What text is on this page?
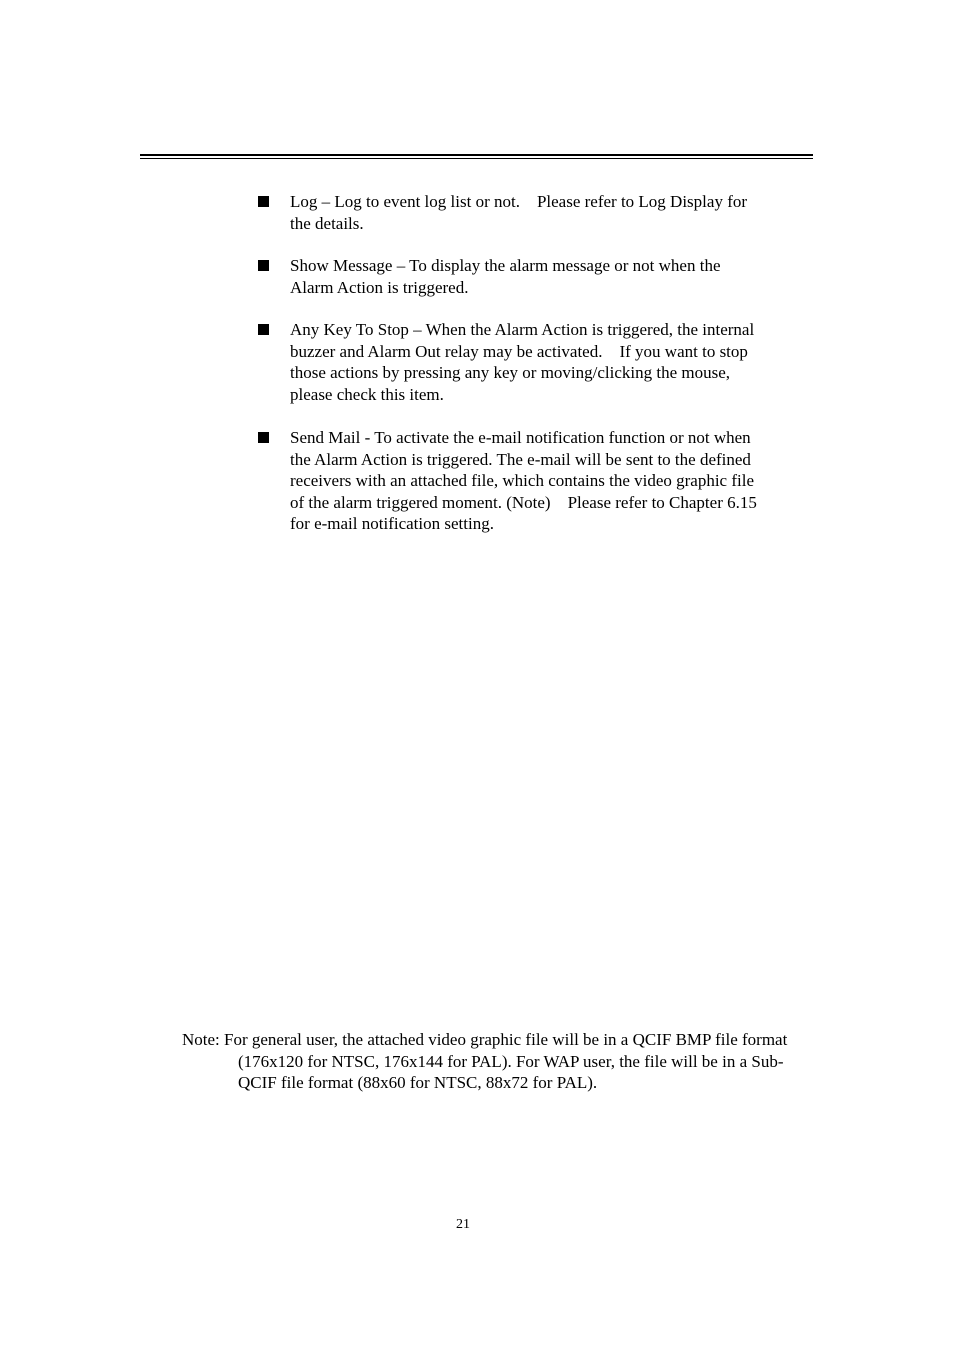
Log – Log to event log list or not.    Please refer to Log Display for
the details.
Show Message – To display the alarm message or not when the
Alarm Action is triggered.
Any Key To Stop – When the Alarm Action is triggered, the internal
buzzer and Alarm Out relay may be activated.    If you want to stop
those actions by pressing any key or moving/clicking the mouse,
please check this item.
Send Mail - To activate the e-mail notification function or not when
the Alarm Action is triggered. The e-mail will be sent to the defined
receivers with an attached file, which contains the video graphic file
of the alarm triggered moment. (Note)    Please refer to Chapter 6.15
for e-mail notification setting.
Note: For general user, the attached video graphic file will be in a QCIF BMP file format (176x120 for NTSC, 176x144 for PAL). For WAP user, the file will be in a Sub-QCIF file format (88x60 for NTSC, 88x72 for PAL).
21
